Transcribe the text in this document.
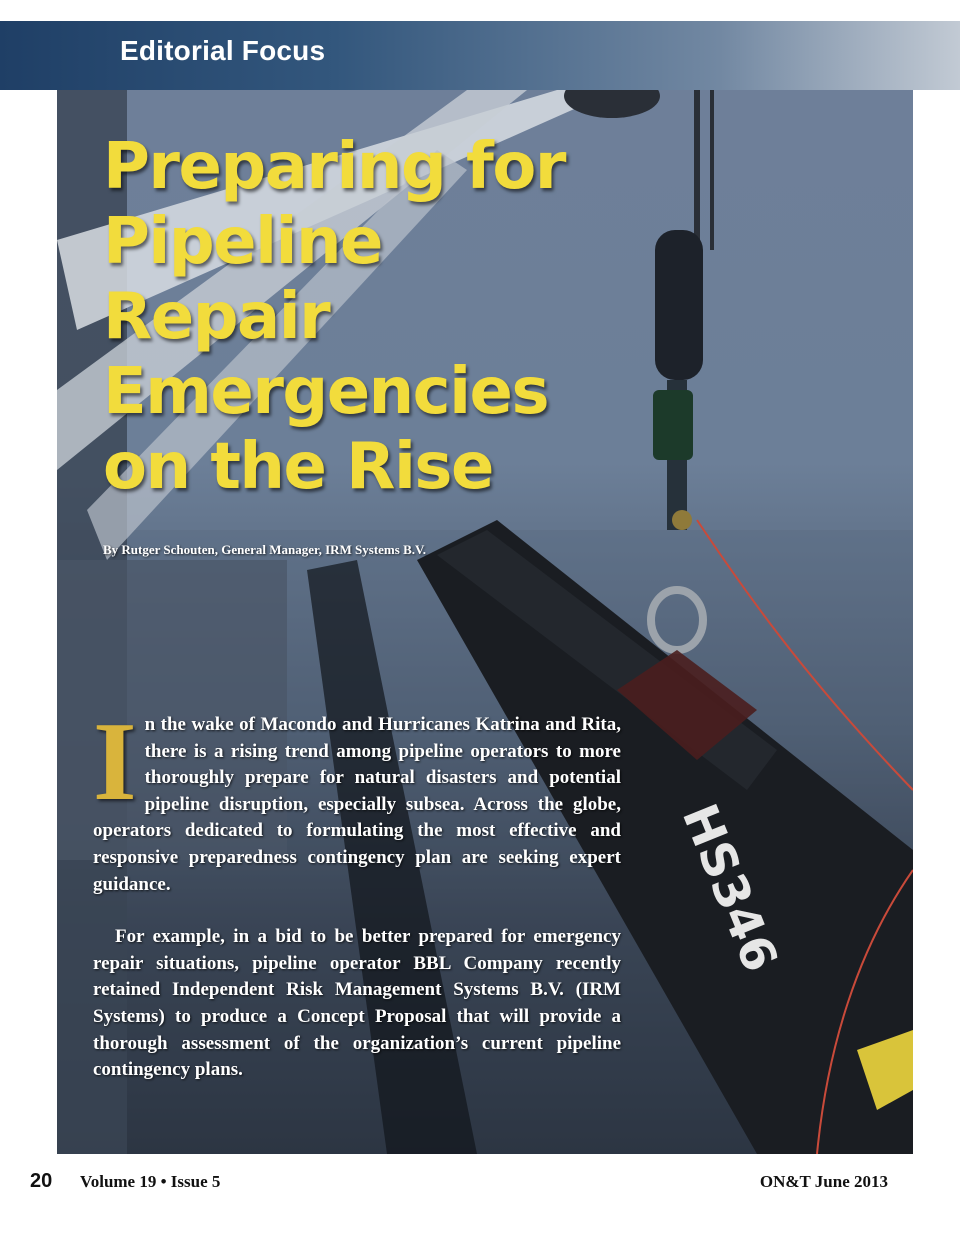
Editorial Focus
HS346
Preparing for
Pipeline
Repair
Emergencies
on the Rise
By Rutger Schouten, General Manager, IRM Systems B.V.

In the wake of Macondo and Hurricanes Katrina and Rita, there is a rising trend among pipeline operators to more thoroughly prepare for natural disasters and potential pipeline disruption, especially subsea. Across the globe, operators dedicated to formulating the most effective and responsive preparedness contingency plan are seeking expert guidance.

For example, in a bid to be better prepared for emergency repair situations, pipeline operator BBL Company recently retained Independent Risk Management Systems B.V. (IRM Systems) to produce a Concept Proposal that will provide a thorough assessment of the organization’s current pipeline contingency plans.

20 Volume 19 • Issue 5	ON&T June 2013
